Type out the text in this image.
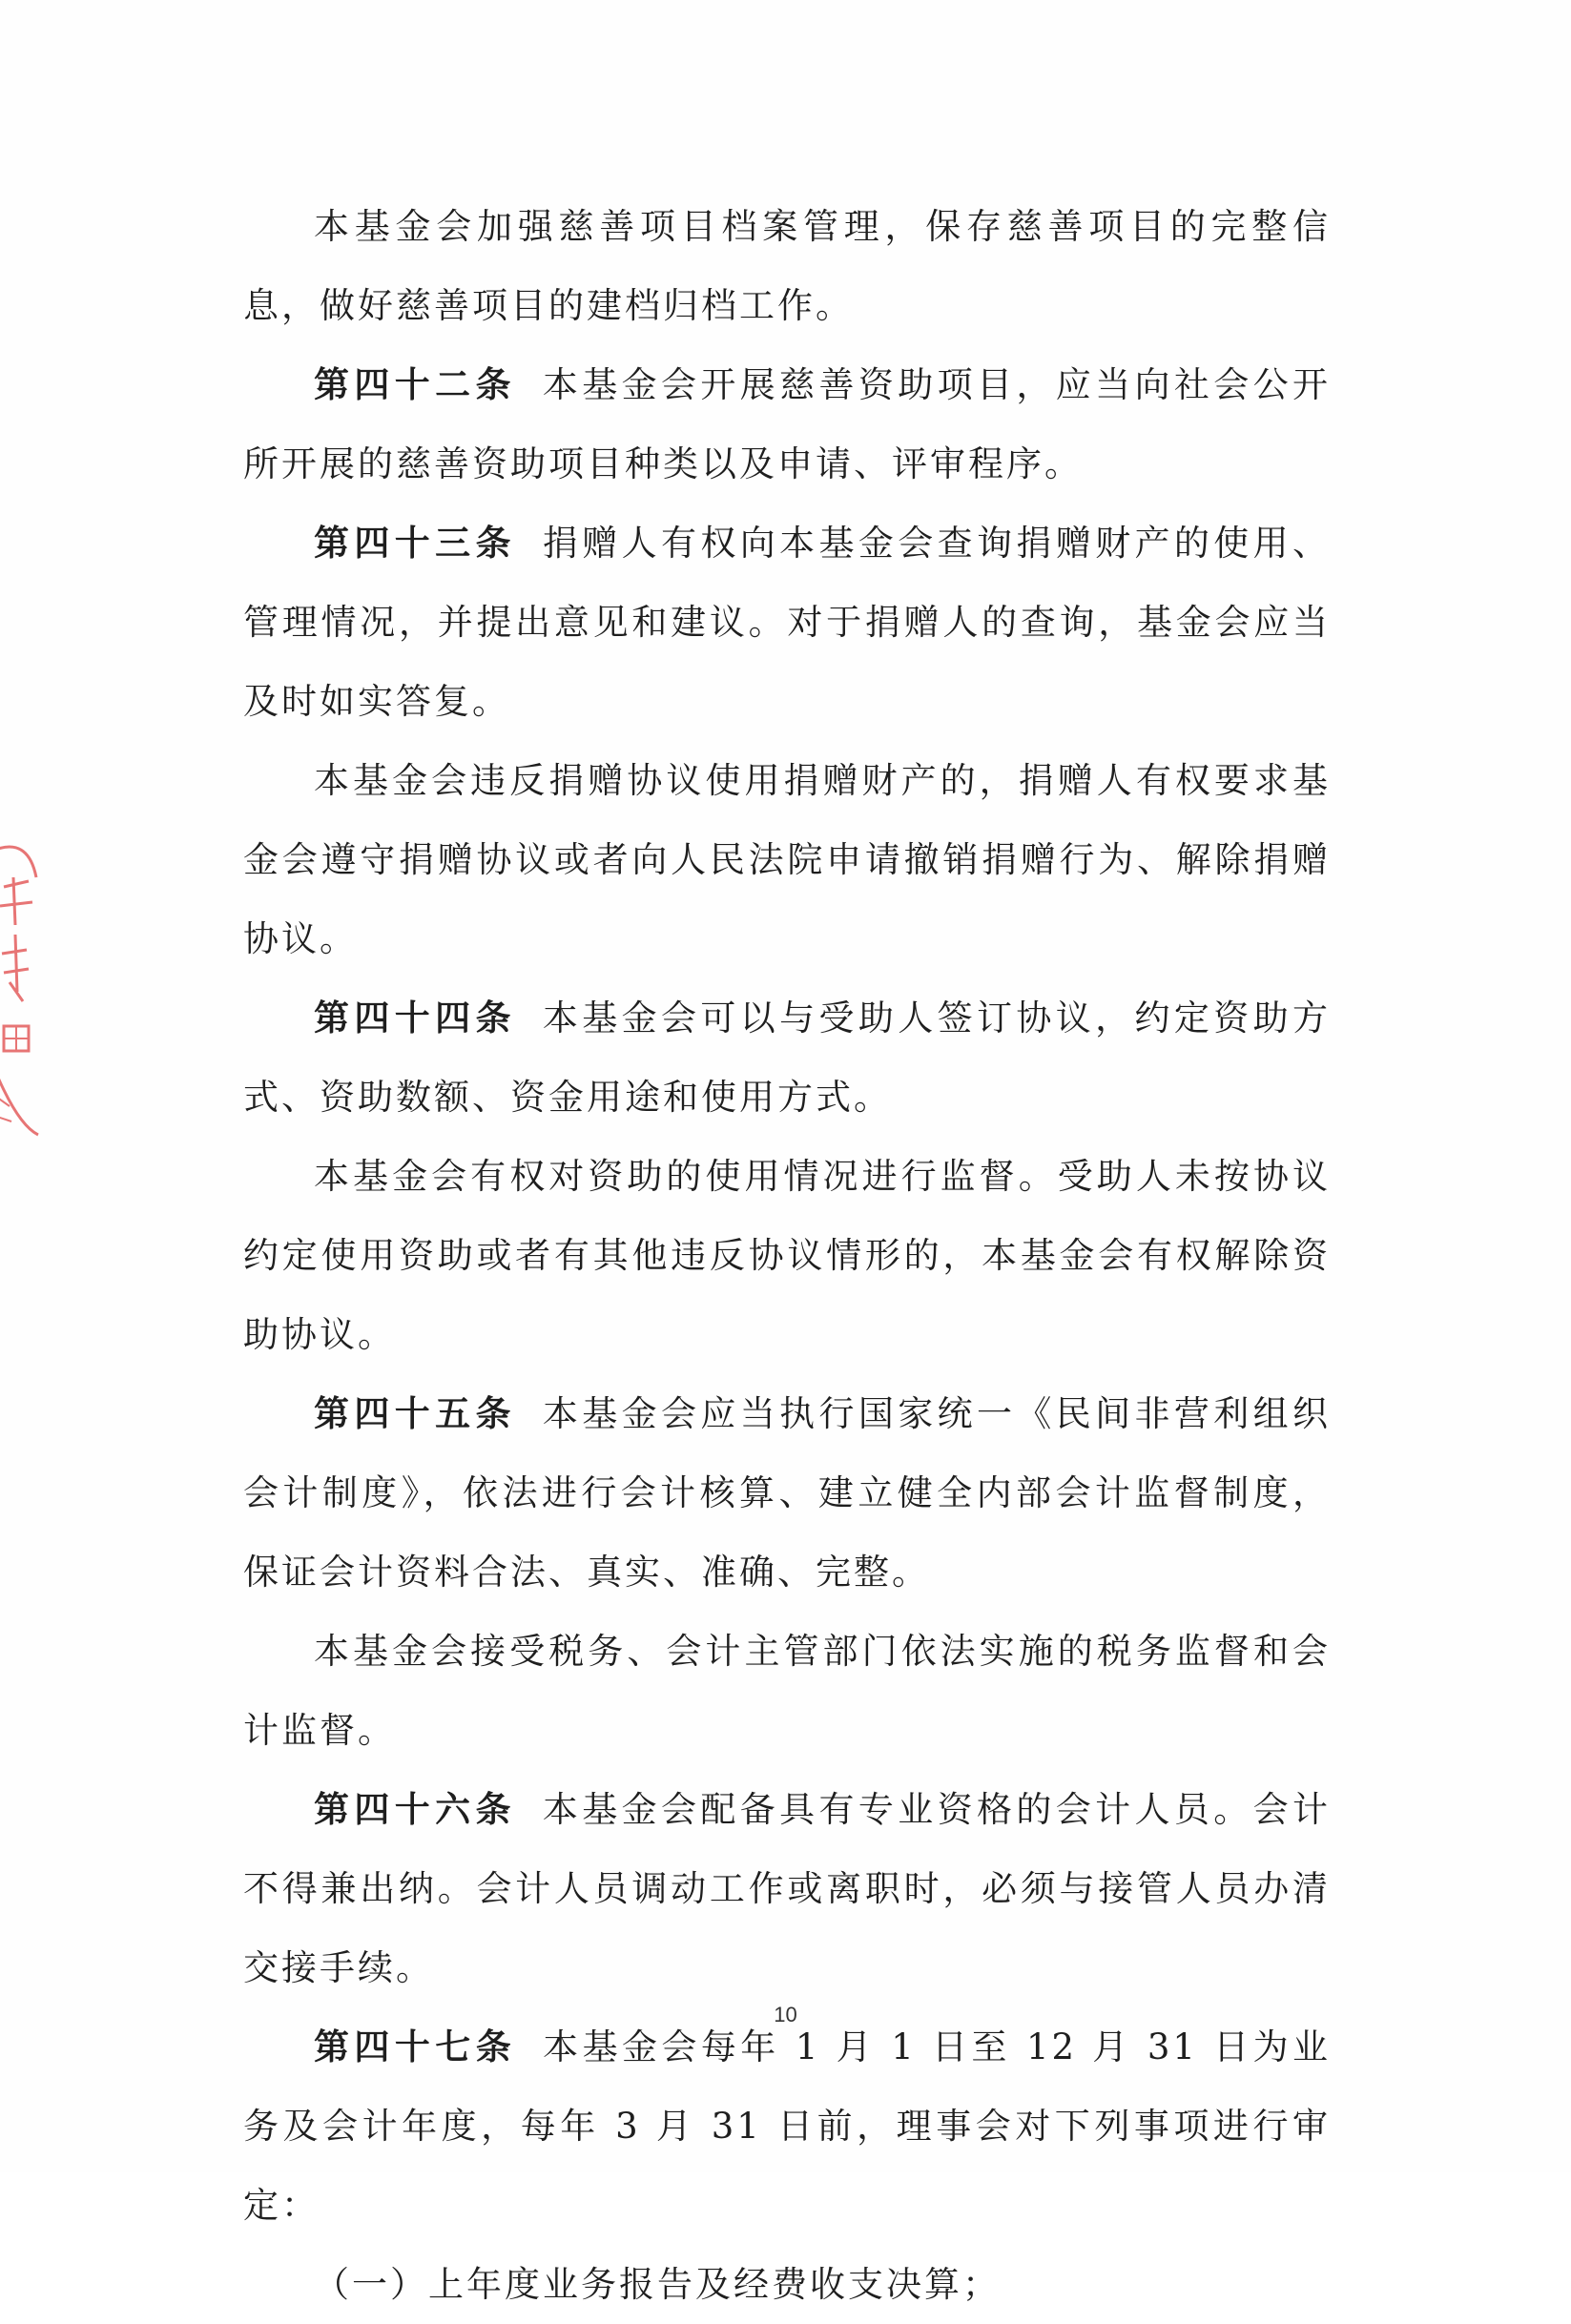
本基金会加强慈善项目档案管理，保存慈善项目的完整信息，做好慈善项目的建档归档工作。

第四十二条 本基金会开展慈善资助项目，应当向社会公开所开展的慈善资助项目种类以及申请、评审程序。

第四十三条 捐赠人有权向本基金会查询捐赠财产的使用、管理情况，并提出意见和建议。对于捐赠人的查询，基金会应当及时如实答复。

本基金会违反捐赠协议使用捐赠财产的，捐赠人有权要求基金会遵守捐赠协议或者向人民法院申请撤销捐赠行为、解除捐赠协议。

第四十四条 本基金会可以与受助人签订协议，约定资助方式、资助数额、资金用途和使用方式。

本基金会有权对资助的使用情况进行监督。受助人未按协议约定使用资助或者有其他违反协议情形的，本基金会有权解除资助协议。

第四十五条 本基金会应当执行国家统一《民间非营利组织会计制度》，依法进行会计核算、建立健全内部会计监督制度，保证会计资料合法、真实、准确、完整。

本基金会接受税务、会计主管部门依法实施的税务监督和会计监督。

第四十六条 本基金会配备具有专业资格的会计人员。会计不得兼出纳。会计人员调动工作或离职时，必须与接管人员办清交接手续。

第四十七条 本基金会每年 1 月 1 日至 12 月 31 日为业务及会计年度，每年 3 月 31 日前，理事会对下列事项进行审定：

（一）上年度业务报告及经费收支决算；

10
